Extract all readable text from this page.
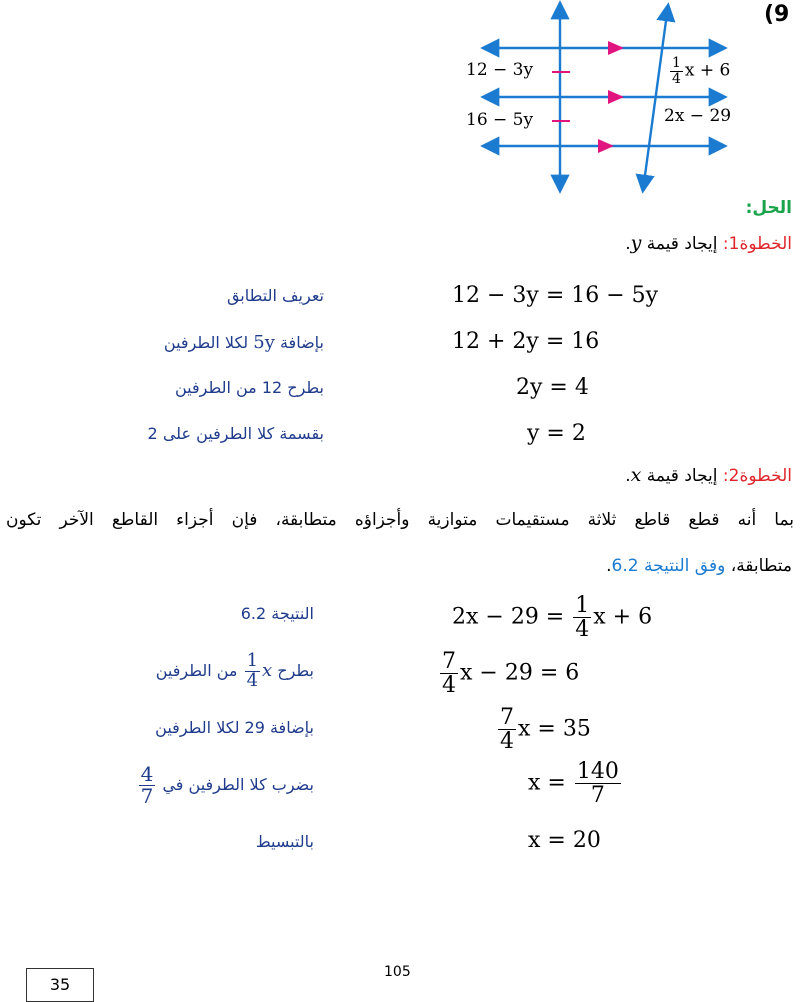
(9
12 − 3y
16 − 5y
$\frac{1}{4}$ x + 6
2x − 29
الحل:
الخطوة1: إيجاد قيمة y.
12 − 3y = 16 − 5y
تعريف التطابق
12 + 2y = 16
بإضافة 5y لكلا الطرفين
2y = 4
بطرح 12 من الطرفين
y = 2
بقسمة كلا الطرفين على 2
الخطوة2: إيجاد قيمة x.
بما أنه قطع قاطع ثلاثة مستقيمات متوازية وأجزاؤه متطابقة، فإن أجزاء القاطع الآخر تكون
متطابقة، وفق النتيجة 6.2.
$2x - 29 = \frac{1}{4}$ x + 6
النتيجة 6.2
$\frac{7}{4}$ x − 29 = 6
بطرح x
$\frac{1}{4}$
من الطرفين
$\frac{7}{4}$ x = 35
بإضافة 29 لكلا الطرفين
$x = \frac{140}{7}$
بضرب كلا الطرفين في
$\frac{4}{7}$
x = 20
بالتبسيط
105
35
